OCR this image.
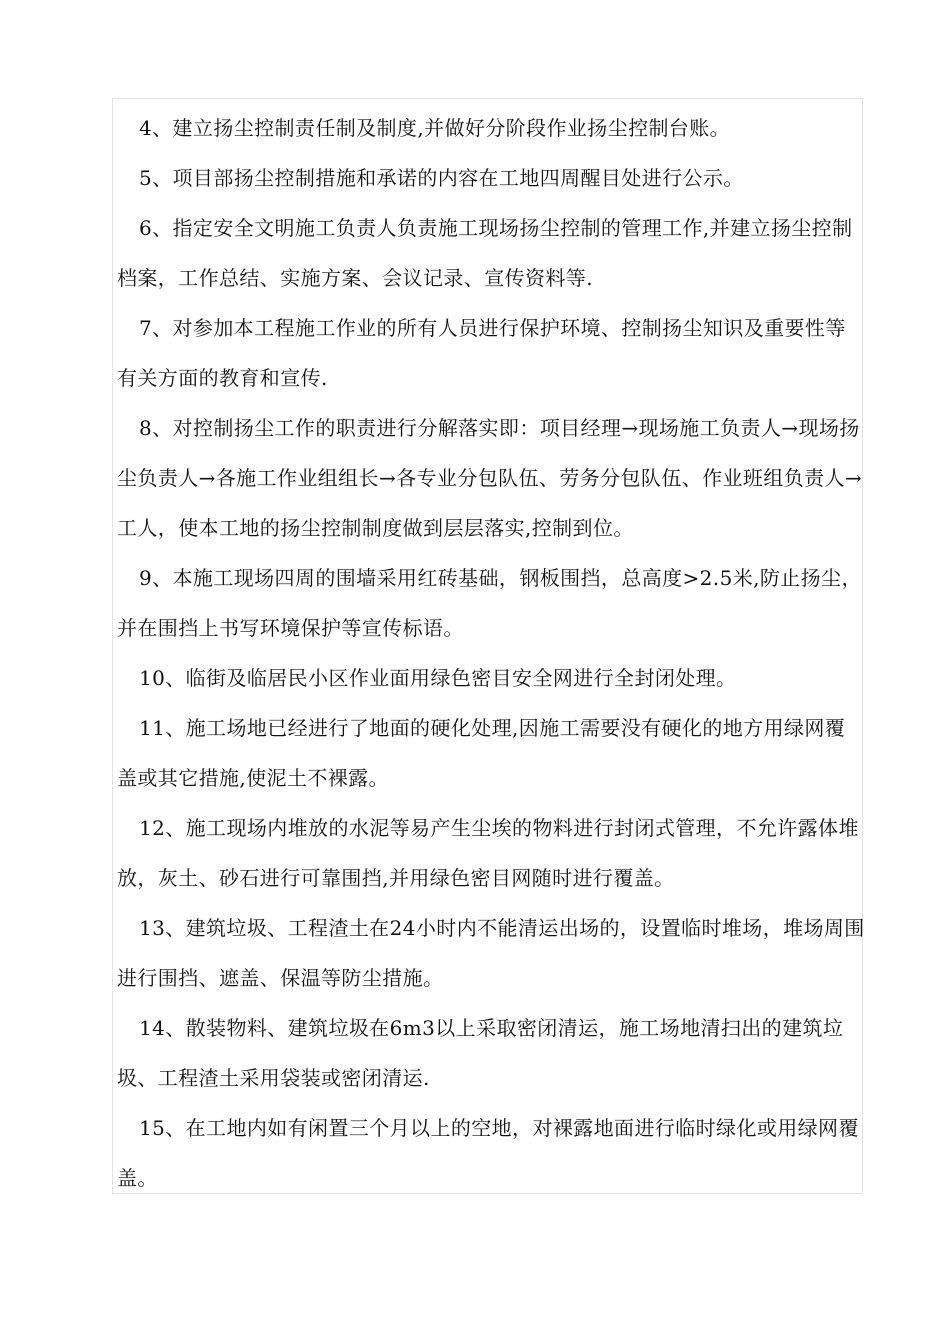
4、建立扬尘控制责任制及制度,并做好分阶段作业扬尘控制台账。

5、项目部扬尘控制措施和承诺的内容在工地四周醒目处进行公示。

6、指定安全文明施工负责人负责施工现场扬尘控制的管理工作,并建立扬尘控制档案，工作总结、实施方案、会议记录、宣传资料等.

7、对参加本工程施工作业的所有人员进行保护环境、控制扬尘知识及重要性等有关方面的教育和宣传.

8、对控制扬尘工作的职责进行分解落实即：项目经理→现场施工负责人→现场扬尘负责人→各施工作业组组长→各专业分包队伍、劳务分包队伍、作业班组负责人→工人，使本工地的扬尘控制制度做到层层落实,控制到位。

9、本施工现场四周的围墙采用红砖基础，钢板围挡，总高度>2.5米,防止扬尘，并在围挡上书写环境保护等宣传标语。

10、临街及临居民小区作业面用绿色密目安全网进行全封闭处理。

11、施工场地已经进行了地面的硬化处理,因施工需要没有硬化的地方用绿网覆盖或其它措施,使泥土不裸露。

12、施工现场内堆放的水泥等易产生尘埃的物料进行封闭式管理，不允许露体堆放，灰土、砂石进行可靠围挡,并用绿色密目网随时进行覆盖。

13、建筑垃圾、工程渣土在24小时内不能清运出场的，设置临时堆场，堆场周围进行围挡、遮盖、保温等防尘措施。

14、散装物料、建筑垃圾在6m3以上采取密闭清运，施工场地清扫出的建筑垃圾、工程渣土采用袋装或密闭清运.

15、在工地内如有闲置三个月以上的空地，对裸露地面进行临时绿化或用绿网覆盖。
